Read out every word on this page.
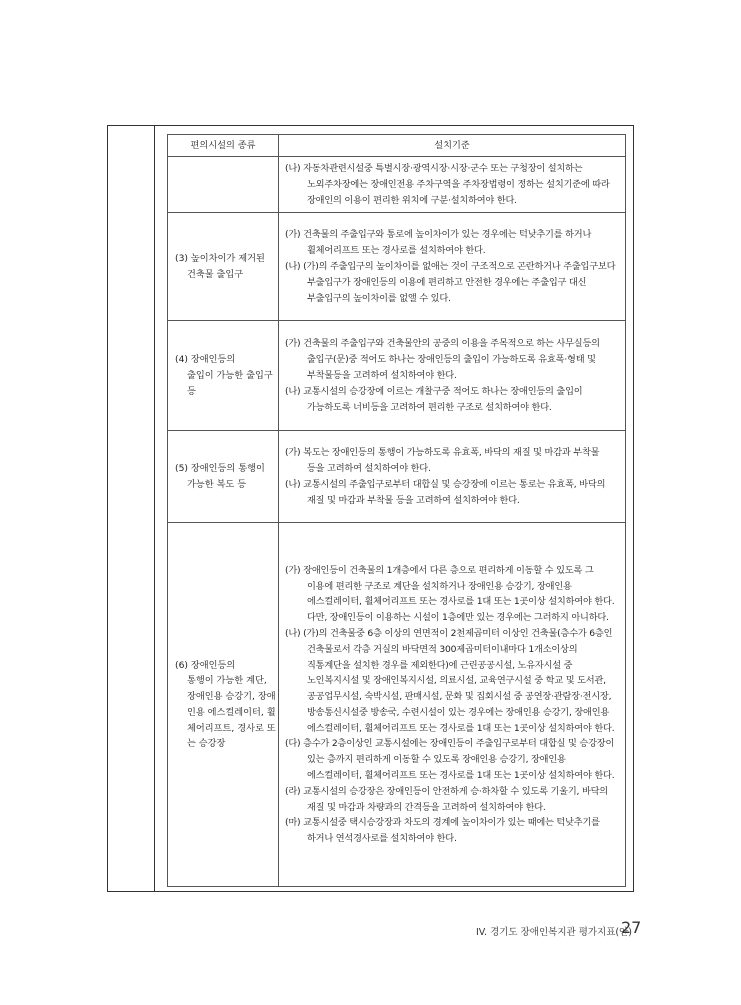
편의시설의 종류	설치기준

	(나) 자동차관련시설중 특별시장·광역시장·시장·군수 또는 구청장이 설치하는 노외주차장에는 장애인전용 주차구역을 주차장법령이 정하는 설치기준에 따라 장애인의 이용이 편리한 위치에 구분·설치하여야 한다.

(3) 높이차이가 제거된
건축물 출입구	(가) 건축물의 주출입구와 통로에 높이차이가 있는 경우에는 턱낮추기를 하거나 휠체어리프트 또는 경사로를 설치하여야 한다.
(나) (가)의 주출입구의 높이차이를 없애는 것이 구조적으로 곤란하거나 주출입구보다 부출입구가 장애인등의 이용에 편리하고 안전한 경우에는 주출입구 대신 부출입구의 높이차이를 없앨 수 있다.

(4) 장애인등의
출입이 가능한 출입구 등	(가) 건축물의 주출입구와 건축물안의 공중의 이용을 주목적으로 하는 사무실등의 출입구(문)중 적어도 하나는 장애인등의 출입이 가능하도록 유효폭·형태 및 부착물등을 고려하여 설치하여야 한다.
(나) 교통시설의 승강장에 이르는 개찰구중 적어도 하나는 장애인등의 출입이 가능하도록 너비등을 고려하여 편리한 구조로 설치하여야 한다.

(5) 장애인등의 통행이
가능한 복도 등	(가) 복도는 장애인등의 통행이 가능하도록 유효폭, 바닥의 재질 및 마감과 부착물 등을 고려하여 설치하여야 한다.
(나) 교통시설의 주출입구로부터 대합실 및 승강장에 이르는 통로는 유효폭, 바닥의 재질 및 마감과 부착물 등을 고려하여 설치하여야 한다.

(6) 장애인등의
통행이 가능한 계단, 장애인용 승강기, 장애인용 에스컬레이터, 휠체어리프트, 경사로 또는 승강장	(가) 장애인등이 건축물의 1개층에서 다른 층으로 편리하게 이동할 수 있도록 그 이용에 편리한 구조로 계단을 설치하거나 장애인용 승강기, 장애인용 에스컬레이터, 휠체어리프트 또는 경사로를 1대 또는 1곳이상 설치하여야 한다. 다만, 장애인등이 이용하는 시설이 1층에만 있는 경우에는 그러하지 아니하다.
(나) (가)의 건축물중 6층 이상의 연면적이 2천제곱미터 이상인 건축물(층수가 6층인 건축물로서 각층 거실의 바닥면적 300제곱미터이내마다 1개소이상의 직통계단을 설치한 경우를 제외한다)에 근린공공시설, 노유자시설 중 노인복지시설 및 장애인복지시설, 의료시설, 교육연구시설 중 학교 및 도서관, 공공업무시설, 숙박시설, 판매시설, 문화 및 집회시설 중 공연장·관람장·전시장, 방송통신시설중 방송국, 수련시설이 있는 경우에는 장애인용 승강기, 장애인용 에스컬레이터, 휠체어리프트 또는 경사로를 1대 또는 1곳이상 설치하여야 한다.
(다) 층수가 2층이상인 교통시설에는 장애인등이 주출입구로부터 대합실 및 승강장이 있는 층까지 편리하게 이동할 수 있도록 장애인용 승강기, 장애인용 에스컬레이터, 휠체어리프트 또는 경사로를 1대 또는 1곳이상 설치하여야 한다.
(라) 교통시설의 승강장은 장애인등이 안전하게 승·하차할 수 있도록 기울기, 바닥의 재질 및 마감과 차량과의 간격등을 고려하여 설치하여야 한다.
(마) 교통시설중 택시승강장과 차도의 경계에 높이차이가 있는 때에는 턱낮추기를 하거나 연석경사로를 설치하여야 한다.
IV. 경기도 장애인복지관 평가지표(안)
27
